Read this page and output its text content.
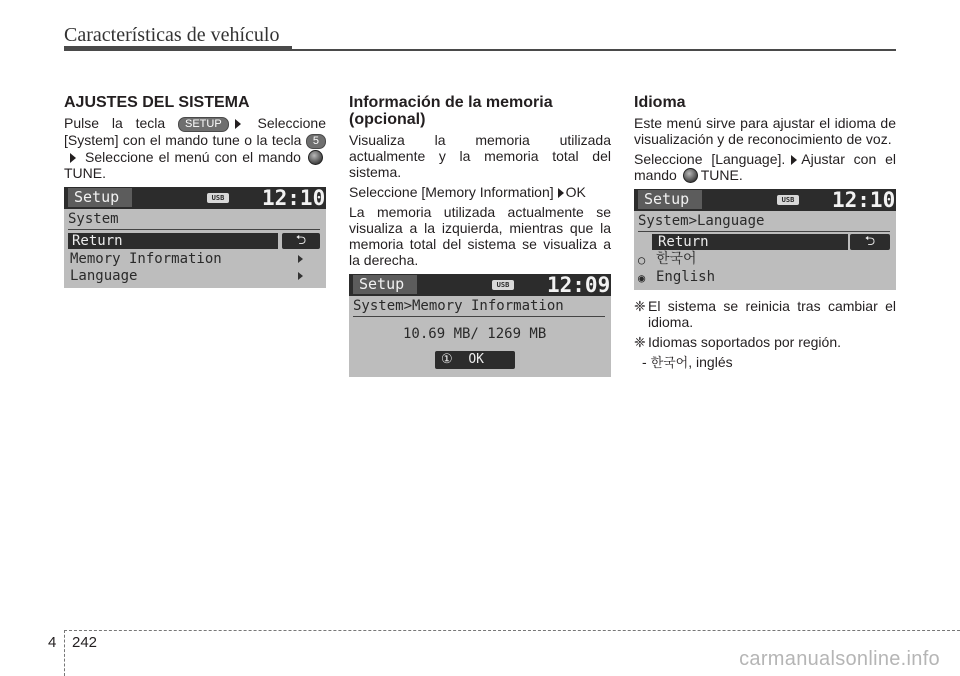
Características de vehículo
AJUSTES DEL SISTEMA

Pulse la tecla SETUP	Seleccione [System] con el mando tune o la tecla 5 Seleccione el menú con el mando TUNE.

Setup	USB 12:10
System
Return	⮌
Memory Information
Language
Información de la memoria (opcional)

Visualiza la memoria utilizada actualmente y la memoria total del sistema.

Seleccione [Memory Information] OK

La memoria utilizada actualmente se visualiza a la izquierda, mientras que la memoria total del sistema se visualiza a la derecha.

Setup	USB 12:09
System>Memory Information
10.69 MB/ 1269 MB
① OK
Idioma

Este menú sirve para ajustar el idioma de visualización y de reconocimiento de voz.

Seleccione [Language]. Ajustar con el mando TUNE.

Setup	USB 12:10
System>Language
Return	⮌
○ 한국어
◉ English
❈ El sistema se reinicia tras cambiar el idioma.
❈ Idiomas soportados por región.
- 한국어, inglés
4 242
carmanualsonline.info
